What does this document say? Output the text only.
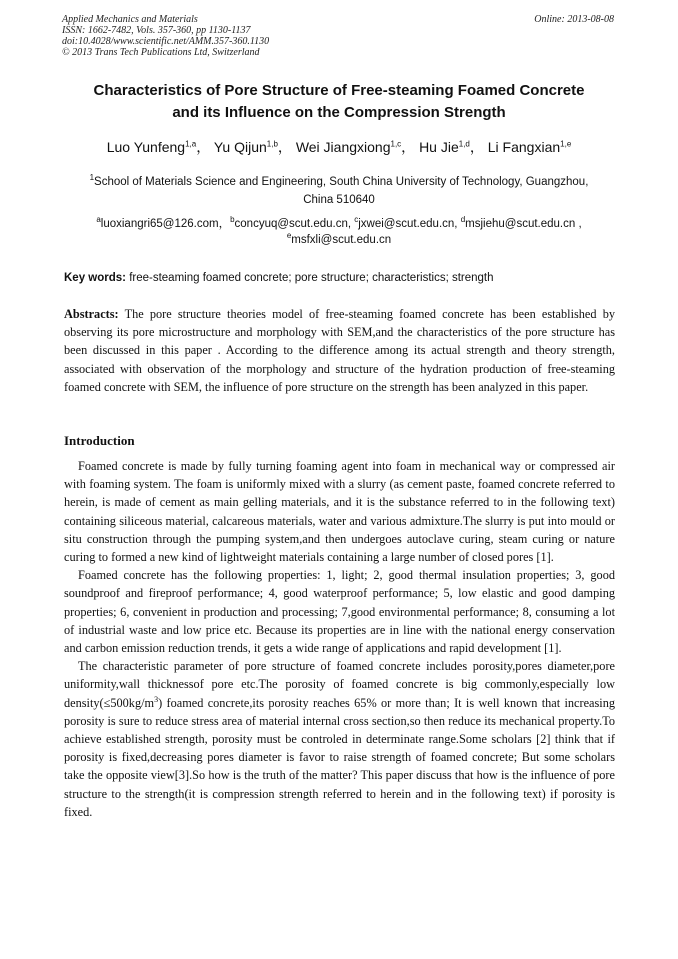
Applied Mechanics and Materials
ISSN: 1662-7482, Vols. 357-360, pp 1130-1137
doi:10.4028/www.scientific.net/AMM.357-360.1130
© 2013 Trans Tech Publications Ltd, Switzerland
Online: 2013-08-08
Characteristics of Pore Structure of Free-steaming Foamed Concrete
and its Influence on the Compression Strength
Luo Yunfeng$^{1,a}$， Yu Qijun$^{1,b}$， Wei Jiangxiong$^{1,c}$， Hu Jie$^{1,d}$， Li Fangxian$^{1,e}$
$^1$School of Materials Science and Engineering, South China University of Technology, Guangzhou,
China 510640
$^a$luoxiangri65@126.com，$^b$concyuq@scut.edu.cn, $^c$jxwei@scut.edu.cn, $^d$msjiehu@scut.edu.cn ,
$^e$msfxli@scut.edu.cn
Key words: free-steaming foamed concrete; pore structure; characteristics; strength
Abstracts: The pore structure theories model of free-steaming foamed concrete has been established by observing its pore microstructure and morphology with SEM,and the characteristics of the pore structure has been discussed in this paper . According to the difference among its actual strength and theory strength, associated with observation of the morphology and structure of the hydration production of free-steaming foamed concrete with SEM, the influence of pore structure on the strength has been analyzed in this paper.
Introduction

Foamed concrete is made by fully turning foaming agent into foam in mechanical way or compressed air with foaming system. The foam is uniformly mixed with a slurry (as cement paste, foamed concrete referred to herein, is made of cement as main gelling materials, and it is the substance referred to in the following text) containing siliceous material, calcareous materials, water and various admixture.The slurry is put into mould or situ construction through the pumping system,and then undergoes autoclave curing, steam curing or nature curing to formed a new kind of lightweight materials containing a large number of closed pores [1].

Foamed concrete has the following properties: 1, light; 2, good thermal insulation properties; 3, good soundproof and fireproof performance; 4, good waterproof performance; 5, low elastic and good damping properties; 6, convenient in production and processing; 7,good environmental performance; 8, consuming a lot of industrial waste and low price etc. Because its properties are in line with the national energy conservation and carbon emission reduction trends, it gets a wide range of applications and rapid development [1].

The characteristic parameter of pore structure of foamed concrete includes porosity,pores diameter,pore uniformity,wall thicknessof pore etc.The porosity of foamed concrete is big commonly,especially low $density(\le 500kg/m^3)$ foamed concrete,its porosity reaches 65% or more than; It is well known that increasing porosity is sure to reduce stress area of material internal cross section,so then reduce its mechanical property.To achieve established strength, porosity must be controled in determinate range.Some scholars [2] think that if porosity is fixed,decreasing pores diameter is favor to raise strength of foamed concrete; But some scholars take the opposite view[3].So how is the truth of the matter? This paper discuss that how is the influence of pore structure to the strength(it is compression strength referred to herein and in the following text) if porosity is fixed.
